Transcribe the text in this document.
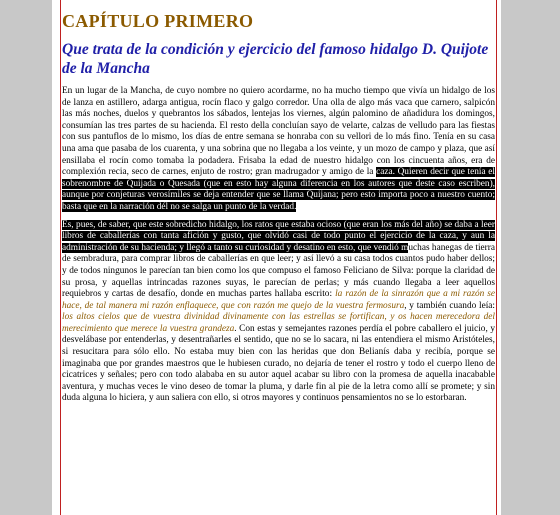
CAPÍTULO PRIMERO
Que trata de la condición y ejercicio del famoso hidalgo D. Quijote de la Mancha

En un lugar de la Mancha, de cuyo nombre no quiero acordarme, no ha mucho tiempo que vivía un hidalgo de los de lanza en astillero, adarga antigua, rocín flaco y galgo corredor. Una olla de algo más vaca que carnero, salpicón las más noches, duelos y quebrantos los sábados, lentejas los viernes, algún palomino de añadidura los domingos, consumían las tres partes de su hacienda. El resto della concluían sayo de velarte, calzas de velludo para las fiestas con sus pantuflos de lo mismo, los días de entre semana se honraba con su vellori de lo más fino. Tenía en su casa una ama que pasaba de los cuarenta, y una sobrina que no llegaba a los veinte, y un mozo de campo y plaza, que así ensillaba el rocín como tomaba la podadera. Frisaba la edad de nuestro hidalgo con los cincuenta años, era de complexión recia, seco de carnes, enjuto de rostro; gran madrugador y amigo de la caza. Quieren decir que tenía el sobrenombre de Quijada o Quesada (que en esto hay alguna diferencia en los autores que deste caso escriben), aunque por conjeturas verosímiles se deja entender que se llama Quijana; pero esto importa poco a nuestro cuento; basta que en la narración dél no se salga un punto de la verdad.

Es, pues, de saber, que este sobredicho hidalgo, los ratos que estaba ocioso (que eran los más del año) se daba a leer libros de caballerías con tanta afición y gusto, que olvidó casi de todo punto el ejercicio de la caza, y aun la administración de su hacienda; y llegó a tanto su curiosidad y desatino en esto, que vendió muchas hanegas de tierra de sembradura, para comprar libros de caballerías en que leer; y así llevó a su casa todos cuantos pudo haber dellos; y de todos ningunos le parecían tan bien como los que compuso el famoso Feliciano de Silva: porque la claridad de su prosa, y aquellas intrincadas razones suyas, le parecían de perlas; y más cuando llegaba a leer aquellos requiebros y cartas de desafío, donde en muchas partes hallaba escrito: la razón de la sinrazón que a mi razón se hace, de tal manera mi razón enflaquece, que con razón me quejo de la vuestra fermosura, y también cuando leía: los altos cielos que de vuestra divinidad divinamente con las estrellas se fortifican, y os hacen merecedora del merecimiento que merece la vuestra grandeza. Con estas y semejantes razones perdía el pobre caballero el juicio, y desvelábase por entenderlas, y desentrañarles el sentido, que no se lo sacara, ni las entendiera el mismo Aristóteles, si resucitara para sólo ello. No estaba muy bien con las heridas que don Belianís daba y recibía, porque se imaginaba que por grandes maestros que le hubiesen curado, no dejaría de tener el rostro y todo el cuerpo lleno de cicatrices y señales; pero con todo alababa en su autor aquel acabar su libro con la promesa de aquella inacabable aventura, y muchas veces le vino deseo de tomar la pluma, y darle fin al pie de la letra como allí se promete; y sin duda alguna lo hiciera, y aun saliera con ello, si otros mayores y continuos pensamientos no se lo estorbaran.
